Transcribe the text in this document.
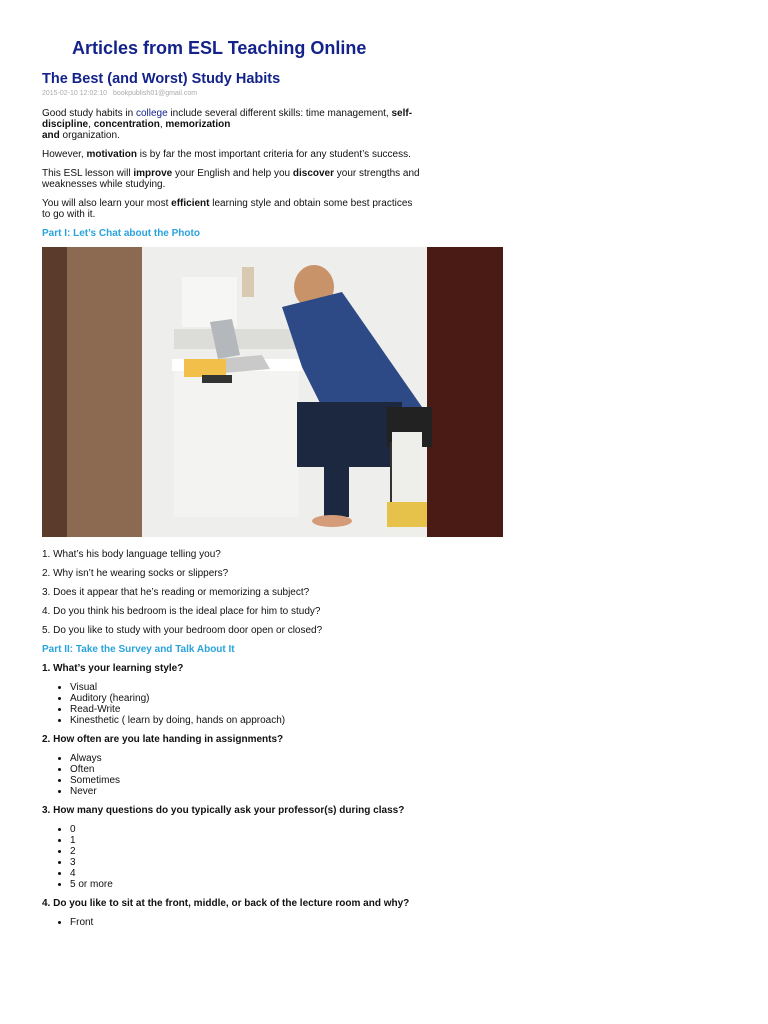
Articles from ESL Teaching Online
The Best (and Worst) Study Habits
2015-02-10 12:02:10 bookpublish01@gmail.com

Good study habits in college include several different skills: time management, self- discipline, concentration, memorization
and organization.

However, motivation is by far the most important criteria for any student’s success.

This ESL lesson will improve your English and help you discover your strengths and weaknesses while studying.

You will also learn your most efficient learning style and obtain some best practices to go with it.

Part I: Let’s Chat about the Photo

1. What’s his body language telling you?

2. Why isn’t he wearing socks or slippers?

3. Does it appear that he’s reading or memorizing a subject?

4. Do you think his bedroom is the ideal place for him to study?

5. Do you like to study with your bedroom door open or closed?

Part II: Take the Survey and Talk About It

1. What’s your learning style?

• Visual
• Auditory (hearing)
• Read-Write
• Kinesthetic ( learn by doing, hands on approach)

2. How often are you late handing in assignments?

• Always
• Often
• Sometimes
• Never

3. How many questions do you typically ask your professor(s) during class?

• 0
• 1
• 2
• 3
• 4
• 5 or more

4. Do you like to sit at the front, middle, or back of the lecture room and why?

• Front
